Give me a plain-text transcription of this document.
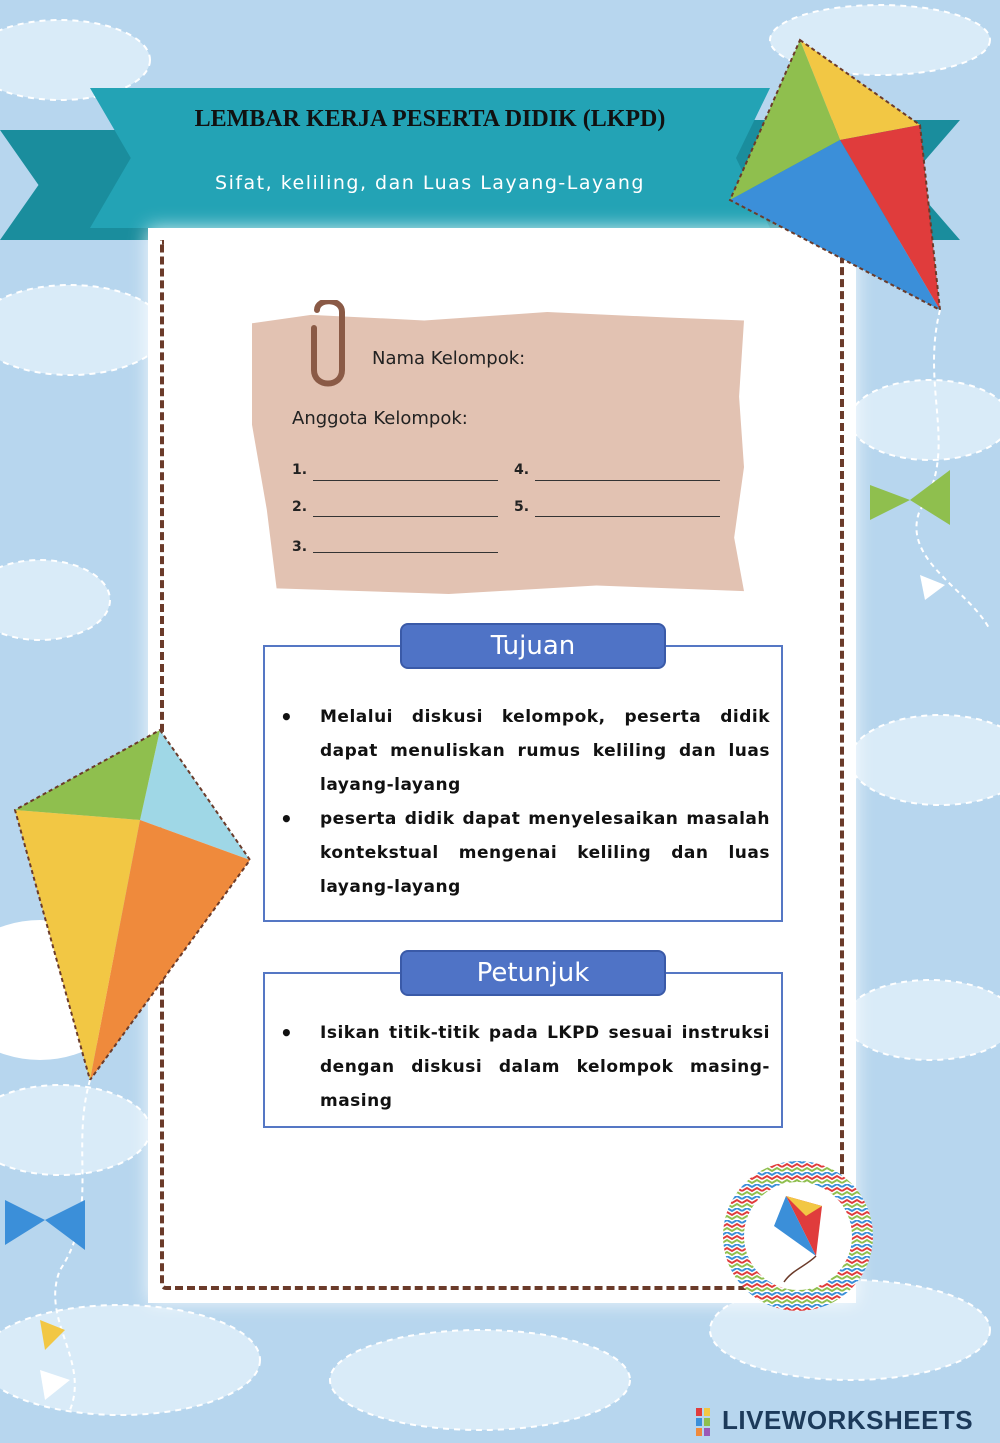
LEMBAR KERJA PESERTA DIDIK (LKPD)
Sifat, keliling, dan Luas Layang-Layang
Nama Kelompok:
Anggota Kelompok:
1.
2.
3.
4.
5.
Tujuan
• Melalui diskusi kelompok, peserta didik dapat menuliskan rumus keliling dan luas layang-layang
• peserta didik dapat menyelesaikan masalah kontekstual mengenai keliling dan luas layang-layang
Petunjuk
• Isikan titik-titik pada LKPD sesuai instruksi dengan diskusi dalam kelompok masing-masing
LIVEWORKSHEETS
